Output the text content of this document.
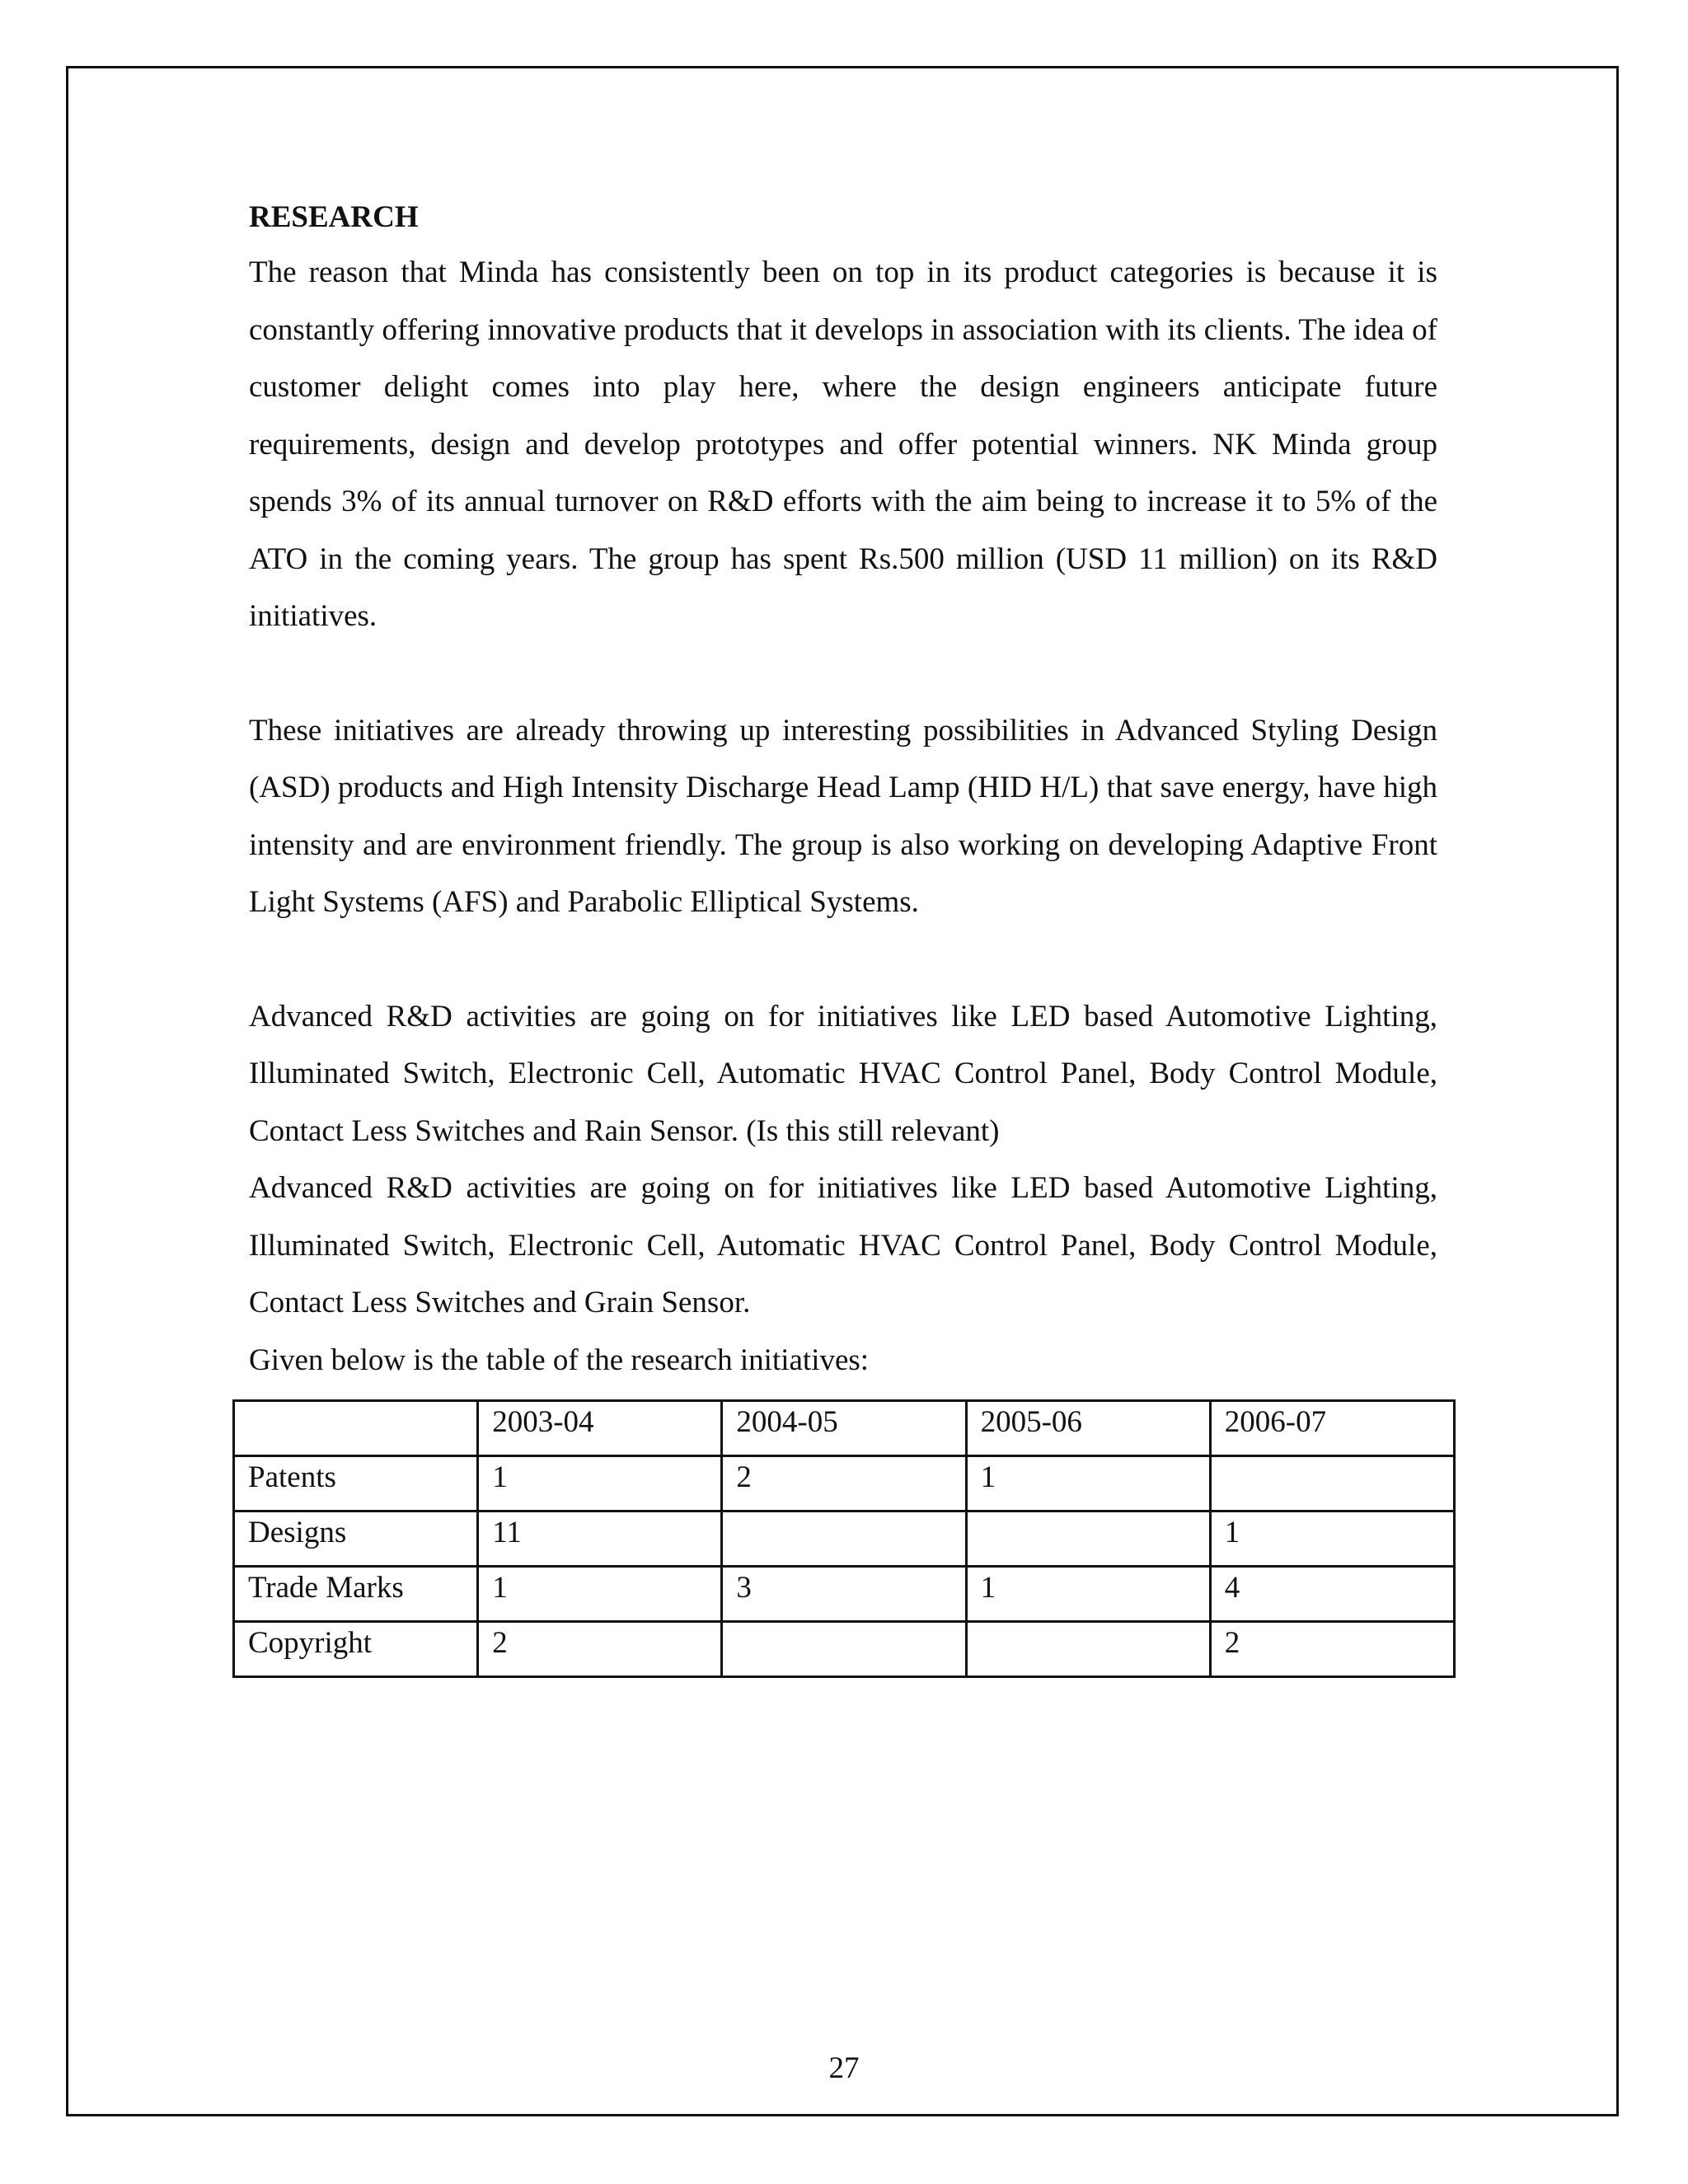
RESEARCH

The reason that Minda has consistently been on top in its product categories is because it is constantly offering innovative products that it develops in association with its clients. The idea of customer delight comes into play here, where the design engineers anticipate future requirements, design and develop prototypes and offer potential winners. NK Minda group spends 3% of its annual turnover on R&D efforts with the aim being to increase it to 5% of the ATO in the coming years. The group has spent Rs.500 million (USD 11 million) on its R&D initiatives.

These initiatives are already throwing up interesting possibilities in Advanced Styling Design (ASD) products and High Intensity Discharge Head Lamp (HID H/L) that save energy, have high intensity and are environment friendly. The group is also working on developing Adaptive Front Light Systems (AFS) and Parabolic Elliptical Systems.

Advanced R&D activities are going on for initiatives like LED based Automotive Lighting, Illuminated Switch, Electronic Cell, Automatic HVAC Control Panel, Body Control Module, Contact Less Switches and Rain Sensor. (Is this still relevant)

Advanced R&D activities are going on for initiatives like LED based Automotive Lighting, Illuminated Switch, Electronic Cell, Automatic HVAC Control Panel, Body Control Module, Contact Less Switches and Grain Sensor.

Given below is the table of the research initiatives:

	2003-04	2004-05	2005-06	2006-07
Patents	1	2	1	
Designs	11			1
Trade Marks	1	3	1	4
Copyright	2			2
27
